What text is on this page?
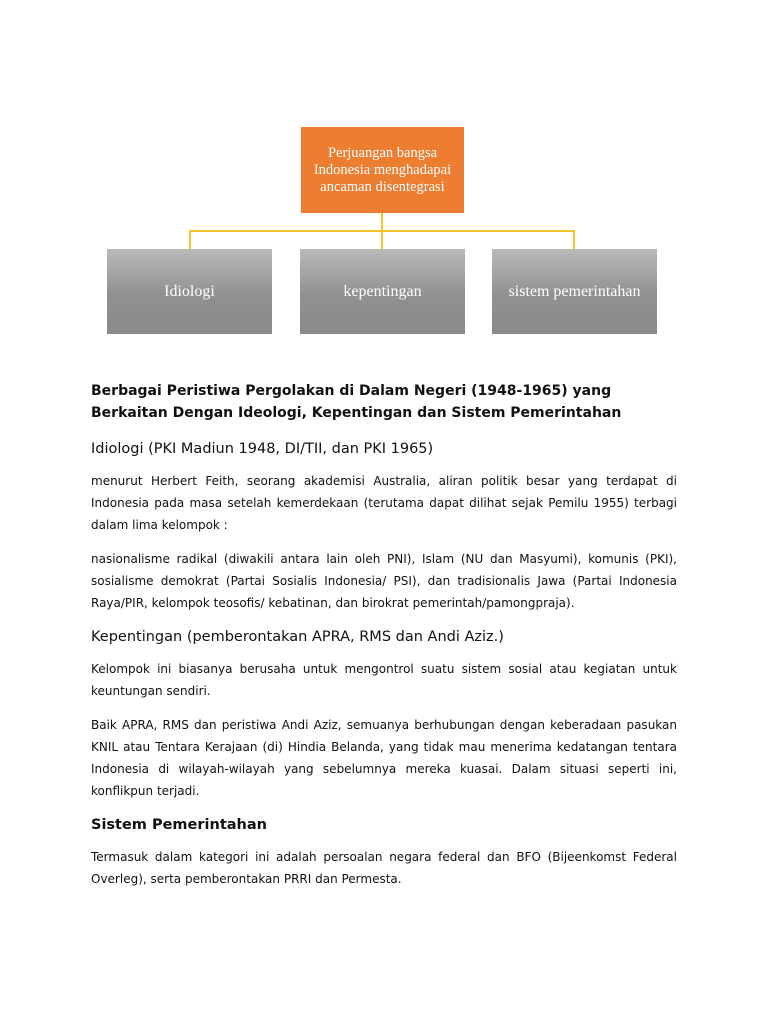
Perjuangan bangsa Indonesia menghadapai ancaman disentegrasi
Idiologi	kepentingan	sistem pemerintahan
Berbagai Peristiwa Pergolakan di Dalam Negeri (1948-1965) yang Berkaitan Dengan Ideologi, Kepentingan dan Sistem Pemerintahan
Idiologi (PKI Madiun 1948, DI/TII, dan PKI 1965)

menurut Herbert Feith, seorang akademisi Australia, aliran politik besar yang terdapat di Indonesia pada masa setelah kemerdekaan (terutama dapat dilihat sejak Pemilu 1955) terbagi dalam lima kelompok :

nasionalisme radikal (diwakili antara lain oleh PNI), Islam (NU dan Masyumi), komunis (PKI), sosialisme demokrat (Partai Sosialis Indonesia/ PSI), dan tradisionalis Jawa (Partai Indonesia Raya/PIR, kelompok teosofis/ kebatinan, dan birokrat pemerintah/pamongpraja).

Kepentingan (pemberontakan APRA, RMS dan Andi Aziz.)

Kelompok ini biasanya berusaha untuk mengontrol suatu sistem sosial atau kegiatan untuk keuntungan sendiri.

Baik APRA, RMS dan peristiwa Andi Aziz, semuanya berhubungan dengan keberadaan pasukan KNIL atau Tentara Kerajaan (di) Hindia Belanda, yang tidak mau menerima kedatangan tentara Indonesia di wilayah-wilayah yang sebelumnya mereka kuasai. Dalam situasi seperti ini, konflikpun terjadi.

Sistem Pemerintahan

Termasuk dalam kategori ini adalah persoalan negara federal dan BFO (Bijeenkomst Federal Overleg), serta pemberontakan PRRI dan Permesta.
